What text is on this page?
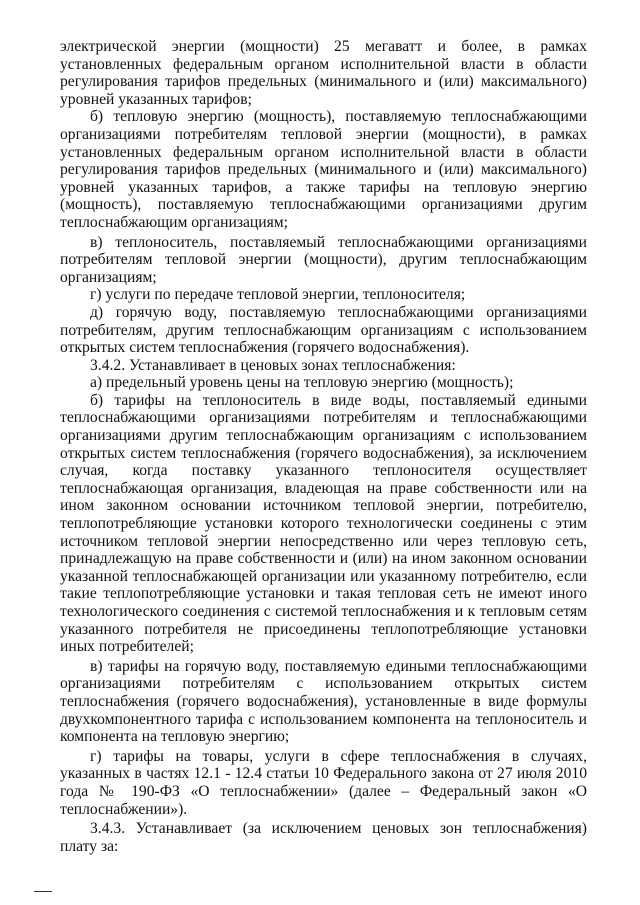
электрической энергии (мощности) 25 мегаватт и более, в рамках установленных федеральным органом исполнительной власти в области регулирования тарифов предельных (минимального и (или) максимального) уровней указанных тарифов;

б) тепловую энергию (мощность), поставляемую теплоснабжающими организациями потребителям тепловой энергии (мощности), в рамках установленных федеральным органом исполнительной власти в области регулирования тарифов предельных (минимального и (или) максимального) уровней указанных тарифов, а также тарифы на тепловую энергию (мощность), поставляемую теплоснабжающими организациями другим теплоснабжающим организациям;

в) теплоноситель, поставляемый теплоснабжающими организациями потребителям тепловой энергии (мощности), другим теплоснабжающим организациям;

г) услуги по передаче тепловой энергии, теплоносителя;

д) горячую воду, поставляемую теплоснабжающими организациями потребителям, другим теплоснабжающим организациям с использованием открытых систем теплоснабжения (горячего водоснабжения).

3.4.2. Устанавливает в ценовых зонах теплоснабжения:

а) предельный уровень цены на тепловую энергию (мощность);

б) тарифы на теплоноситель в виде воды, поставляемый едиными теплоснабжающими организациями потребителям и теплоснабжающими организациями другим теплоснабжающим организациям с использованием открытых систем теплоснабжения (горячего водоснабжения), за исключением случая, когда поставку указанного теплоносителя осуществляет теплоснабжающая организация, владеющая на праве собственности или на ином законном основании источником тепловой энергии, потребителю, теплопотребляющие установки которого технологически соединены с этим источником тепловой энергии непосредственно или через тепловую сеть, принадлежащую на праве собственности и (или) на ином законном основании указанной теплоснабжающей организации или указанному потребителю, если такие теплопотребляющие установки и такая тепловая сеть не имеют иного технологического соединения с системой теплоснабжения и к тепловым сетям указанного потребителя не присоединены теплопотребляющие установки иных потребителей;

в) тарифы на горячую воду, поставляемую едиными теплоснабжающими организациями потребителям с использованием открытых систем теплоснабжения (горячего водоснабжения), установленные в виде формулы двухкомпонентного тарифа с использованием компонента на теплоноситель и компонента на тепловую энергию;

г) тарифы на товары, услуги в сфере теплоснабжения в случаях, указанных в частях 12.1 - 12.4 статьи 10 Федерального закона от 27 июля 2010 года № 190-ФЗ «О теплоснабжении» (далее – Федеральный закон «О теплоснабжении»).

3.4.3. Устанавливает (за исключением ценовых зон теплоснабжения) плату за:
